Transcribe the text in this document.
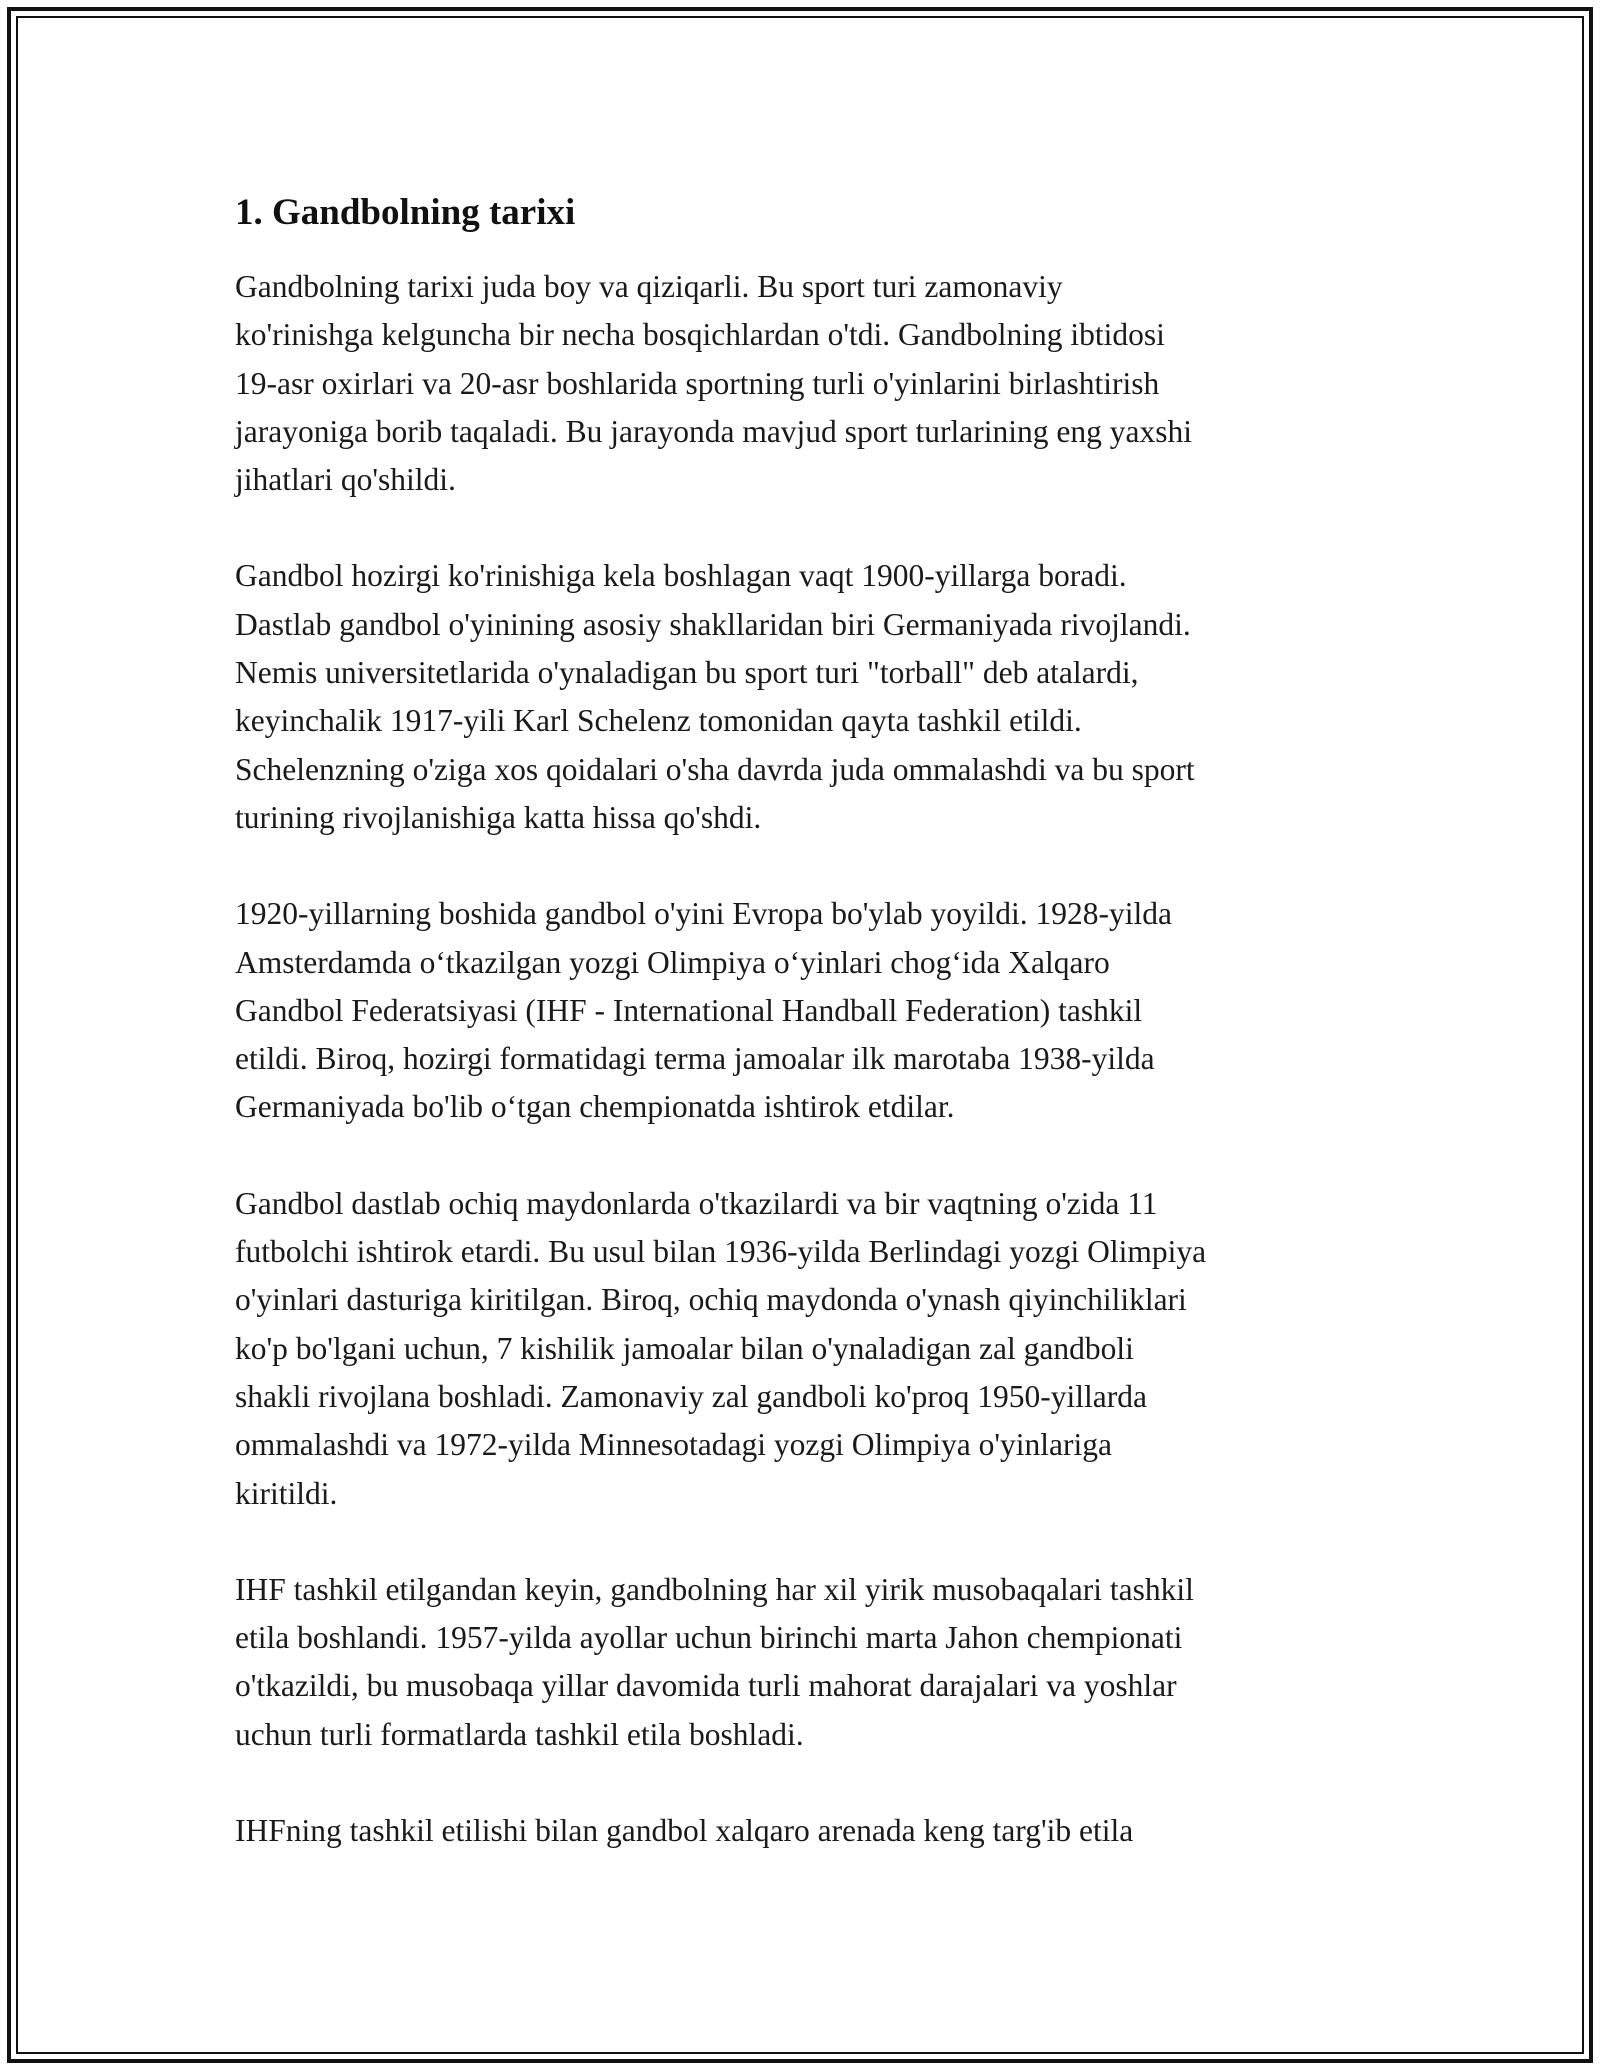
1. Gandbolning tarixi

Gandbolning tarixi juda boy va qiziqarli. Bu sport turi zamonaviy
ko'rinishga kelguncha bir necha bosqichlardan o'tdi. Gandbolning ibtidosi
19-asr oxirlari va 20-asr boshlarida sportning turli o'yinlarini birlashtirish
jarayoniga borib taqaladi. Bu jarayonda mavjud sport turlarining eng yaxshi
jihatlari qo'shildi.

Gandbol hozirgi ko'rinishiga kela boshlagan vaqt 1900-yillarga boradi.
Dastlab gandbol o'yinining asosiy shakllaridan biri Germaniyada rivojlandi.
Nemis universitetlarida o'ynaladigan bu sport turi "torball" deb atalardi,
keyinchalik 1917-yili Karl Schelenz tomonidan qayta tashkil etildi.
Schelenzning o'ziga xos qoidalari o'sha davrda juda ommalashdi va bu sport
turining rivojlanishiga katta hissa qo'shdi.

1920-yillarning boshida gandbol o'yini Evropa bo'ylab yoyildi. 1928-yilda
Amsterdamda oʻtkazilgan yozgi Olimpiya oʻyinlari chogʻida Xalqaro
Gandbol Federatsiyasi (IHF - International Handball Federation) tashkil
etildi. Biroq, hozirgi formatidagi terma jamoalar ilk marotaba 1938-yilda
Germaniyada bo'lib oʻtgan chempionatda ishtirok etdilar.

Gandbol dastlab ochiq maydonlarda o'tkazilardi va bir vaqtning o'zida 11
futbolchi ishtirok etardi. Bu usul bilan 1936-yilda Berlindagi yozgi Olimpiya
o'yinlari dasturiga kiritilgan. Biroq, ochiq maydonda o'ynash qiyinchiliklari
ko'p bo'lgani uchun, 7 kishilik jamoalar bilan o'ynaladigan zal gandboli
shakli rivojlana boshladi. Zamonaviy zal gandboli ko'proq 1950-yillarda
ommalashdi va 1972-yilda Minnesotadagi yozgi Olimpiya o'yinlariga
kiritildi.

IHF tashkil etilgandan keyin, gandbolning har xil yirik musobaqalari tashkil
etila boshlandi. 1957-yilda ayollar uchun birinchi marta Jahon chempionati
o'tkazildi, bu musobaqa yillar davomida turli mahorat darajalari va yoshlar
uchun turli formatlarda tashkil etila boshladi.

IHFning tashkil etilishi bilan gandbol xalqaro arenada keng targ'ib etila
